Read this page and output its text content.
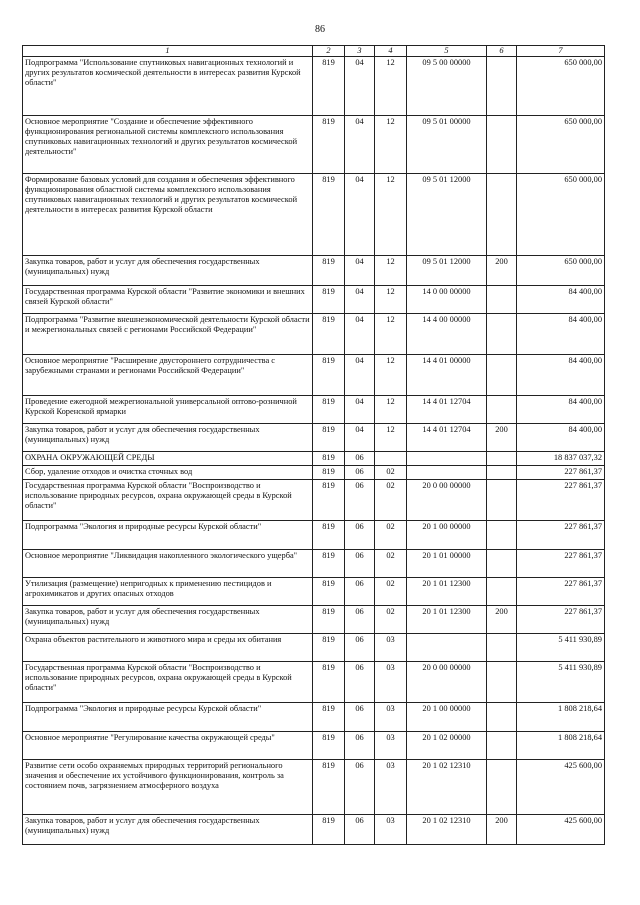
86
1	2	3	4	5	6	7
Подпрограмма "Использование спутниковых навигационных технологий и других результатов космической деятельности в интересах развития Курской области"	819	04	12	09 5 00 00000		650 000,00
Основное мероприятие "Создание и обеспечение эффективного функционирования региональной системы комплексного использования спутниковых навигационных технологий и других результатов космической деятельности"	819	04	12	09 5 01 00000		650 000,00
Формирование базовых условий для создания и обеспечения эффективного функционирования областной системы комплексного использования спутниковых навигационных технологий и других результатов космической деятельности в интересах развития Курской области	819	04	12	09 5 01 12000		650 000,00
Закупка товаров, работ и услуг для обеспечения государственных (муниципальных) нужд	819	04	12	09 5 01 12000	200	650 000,00
Государственная программа Курской области "Развитие экономики и внешних связей Курской области"	819	04	12	14 0 00 00000		84 400,00
Подпрограмма "Развитие внешнеэкономической деятельности Курской области и межрегиональных связей с регионами Российской Федерации"	819	04	12	14 4 00 00000		84 400,00
Основное мероприятие "Расширение двустороннего сотрудничества с зарубежными странами и регионами Российской Федерации"	819	04	12	14 4 01 00000		84 400,00
Проведение ежегодной межрегиональной универсальной оптово-розничной Курской Коренской ярмарки	819	04	12	14 4 01 12704		84 400,00
Закупка товаров, работ и услуг для обеспечения государственных (муниципальных) нужд	819	04	12	14 4 01 12704	200	84 400,00
ОХРАНА ОКРУЖАЮЩЕЙ СРЕДЫ	819	06				18 837 037,32
Сбор, удаление отходов и очистка сточных вод	819	06	02			227 861,37
Государственная программа Курской области "Воспроизводство и использование природных ресурсов, охрана окружающей среды в Курской области"	819	06	02	20 0 00 00000		227 861,37
Подпрограмма "Экология и природные ресурсы Курской области"	819	06	02	20 1 00 00000		227 861,37
Основное мероприятие "Ликвидация накопленного экологического ущерба"	819	06	02	20 1 01 00000		227 861,37
Утилизация (размещение) непригодных к применению пестицидов и агрохимикатов и других опасных отходов	819	06	02	20 1 01 12300		227 861,37
Закупка товаров, работ и услуг для обеспечения государственных (муниципальных) нужд	819	06	02	20 1 01 12300	200	227 861,37
Охрана объектов растительного и животного мира и среды их обитания	819	06	03			5 411 930,89
Государственная программа Курской области "Воспроизводство и использование природных ресурсов, охрана окружающей среды в Курской области"	819	06	03	20 0 00 00000		5 411 930,89
Подпрограмма "Экология и природные ресурсы Курской области"	819	06	03	20 1 00 00000		1 808 218,64
Основное мероприятие "Регулирование качества окружающей среды"	819	06	03	20 1 02 00000		1 808 218,64
Развитие сети особо охраняемых природных территорий регионального значения и обеспечение их устойчивого функционирования, контроль за состоянием почв, загрязнением атмосферного воздуха	819	06	03	20 1 02 12310		425 600,00
Закупка товаров, работ и услуг для обеспечения государственных (муниципальных) нужд	819	06	03	20 1 02 12310	200	425 600,00
